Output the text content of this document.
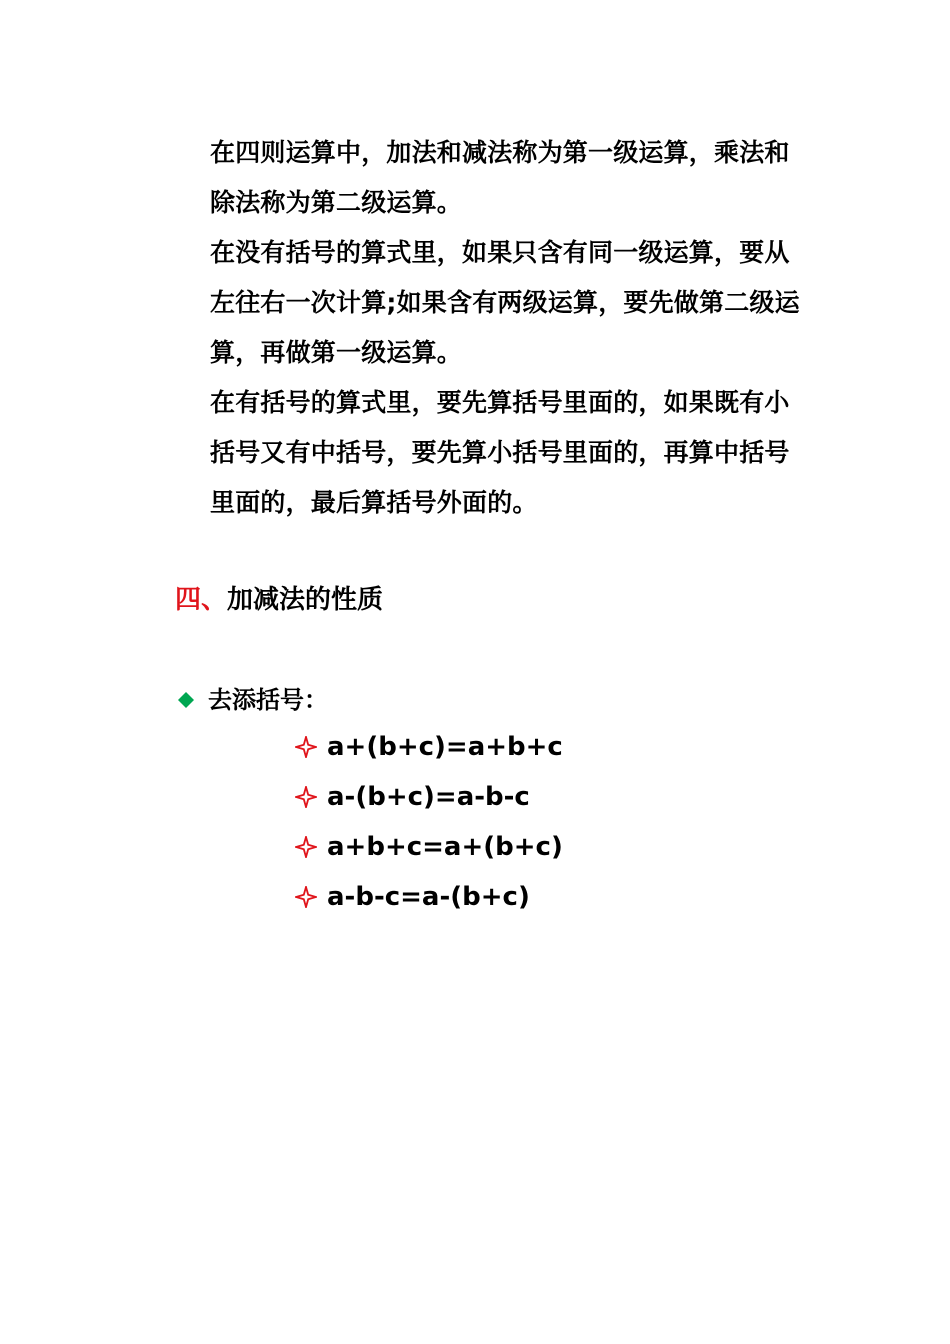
在四则运算中，加法和减法称为第一级运算，乘法和
除法称为第二级运算。
在没有括号的算式里，如果只含有同一级运算，要从
左往右一次计算;如果含有两级运算，要先做第二级运
算，再做第一级运算。
在有括号的算式里，要先算括号里面的，如果既有小
括号又有中括号，要先算小括号里面的，再算中括号
里面的，最后算括号外面的。
四、加减法的性质
去添括号：
a+(b+c)=a+b+c
a-(b+c)=a-b-c
a+b+c=a+(b+c)
a-b-c=a-(b+c)
